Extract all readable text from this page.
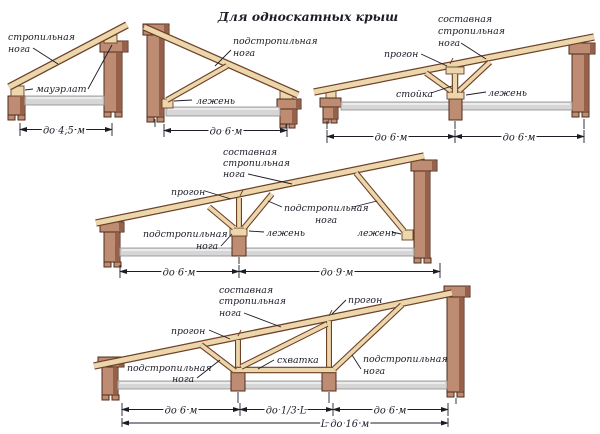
Для односкатных крыш
стропильная
нога
мауэрлат
до 4,5 м
подстропильная
нога
лежень
до 6 м
составная
стропильная
нога
прогон
стойка	лежень
до 6 м	до 6 м
составная
стропильная
нога
прогон
подстропильная
нога
подстропильная
нога
лежень	лежень
до 6 м	до 9 м
составная
стропильная
нога
прогон
прогон
подстропильная
нога
схватка	подстропильная
нога
до 6 м	до 1/3 L	до 6 м
L до 16 м
